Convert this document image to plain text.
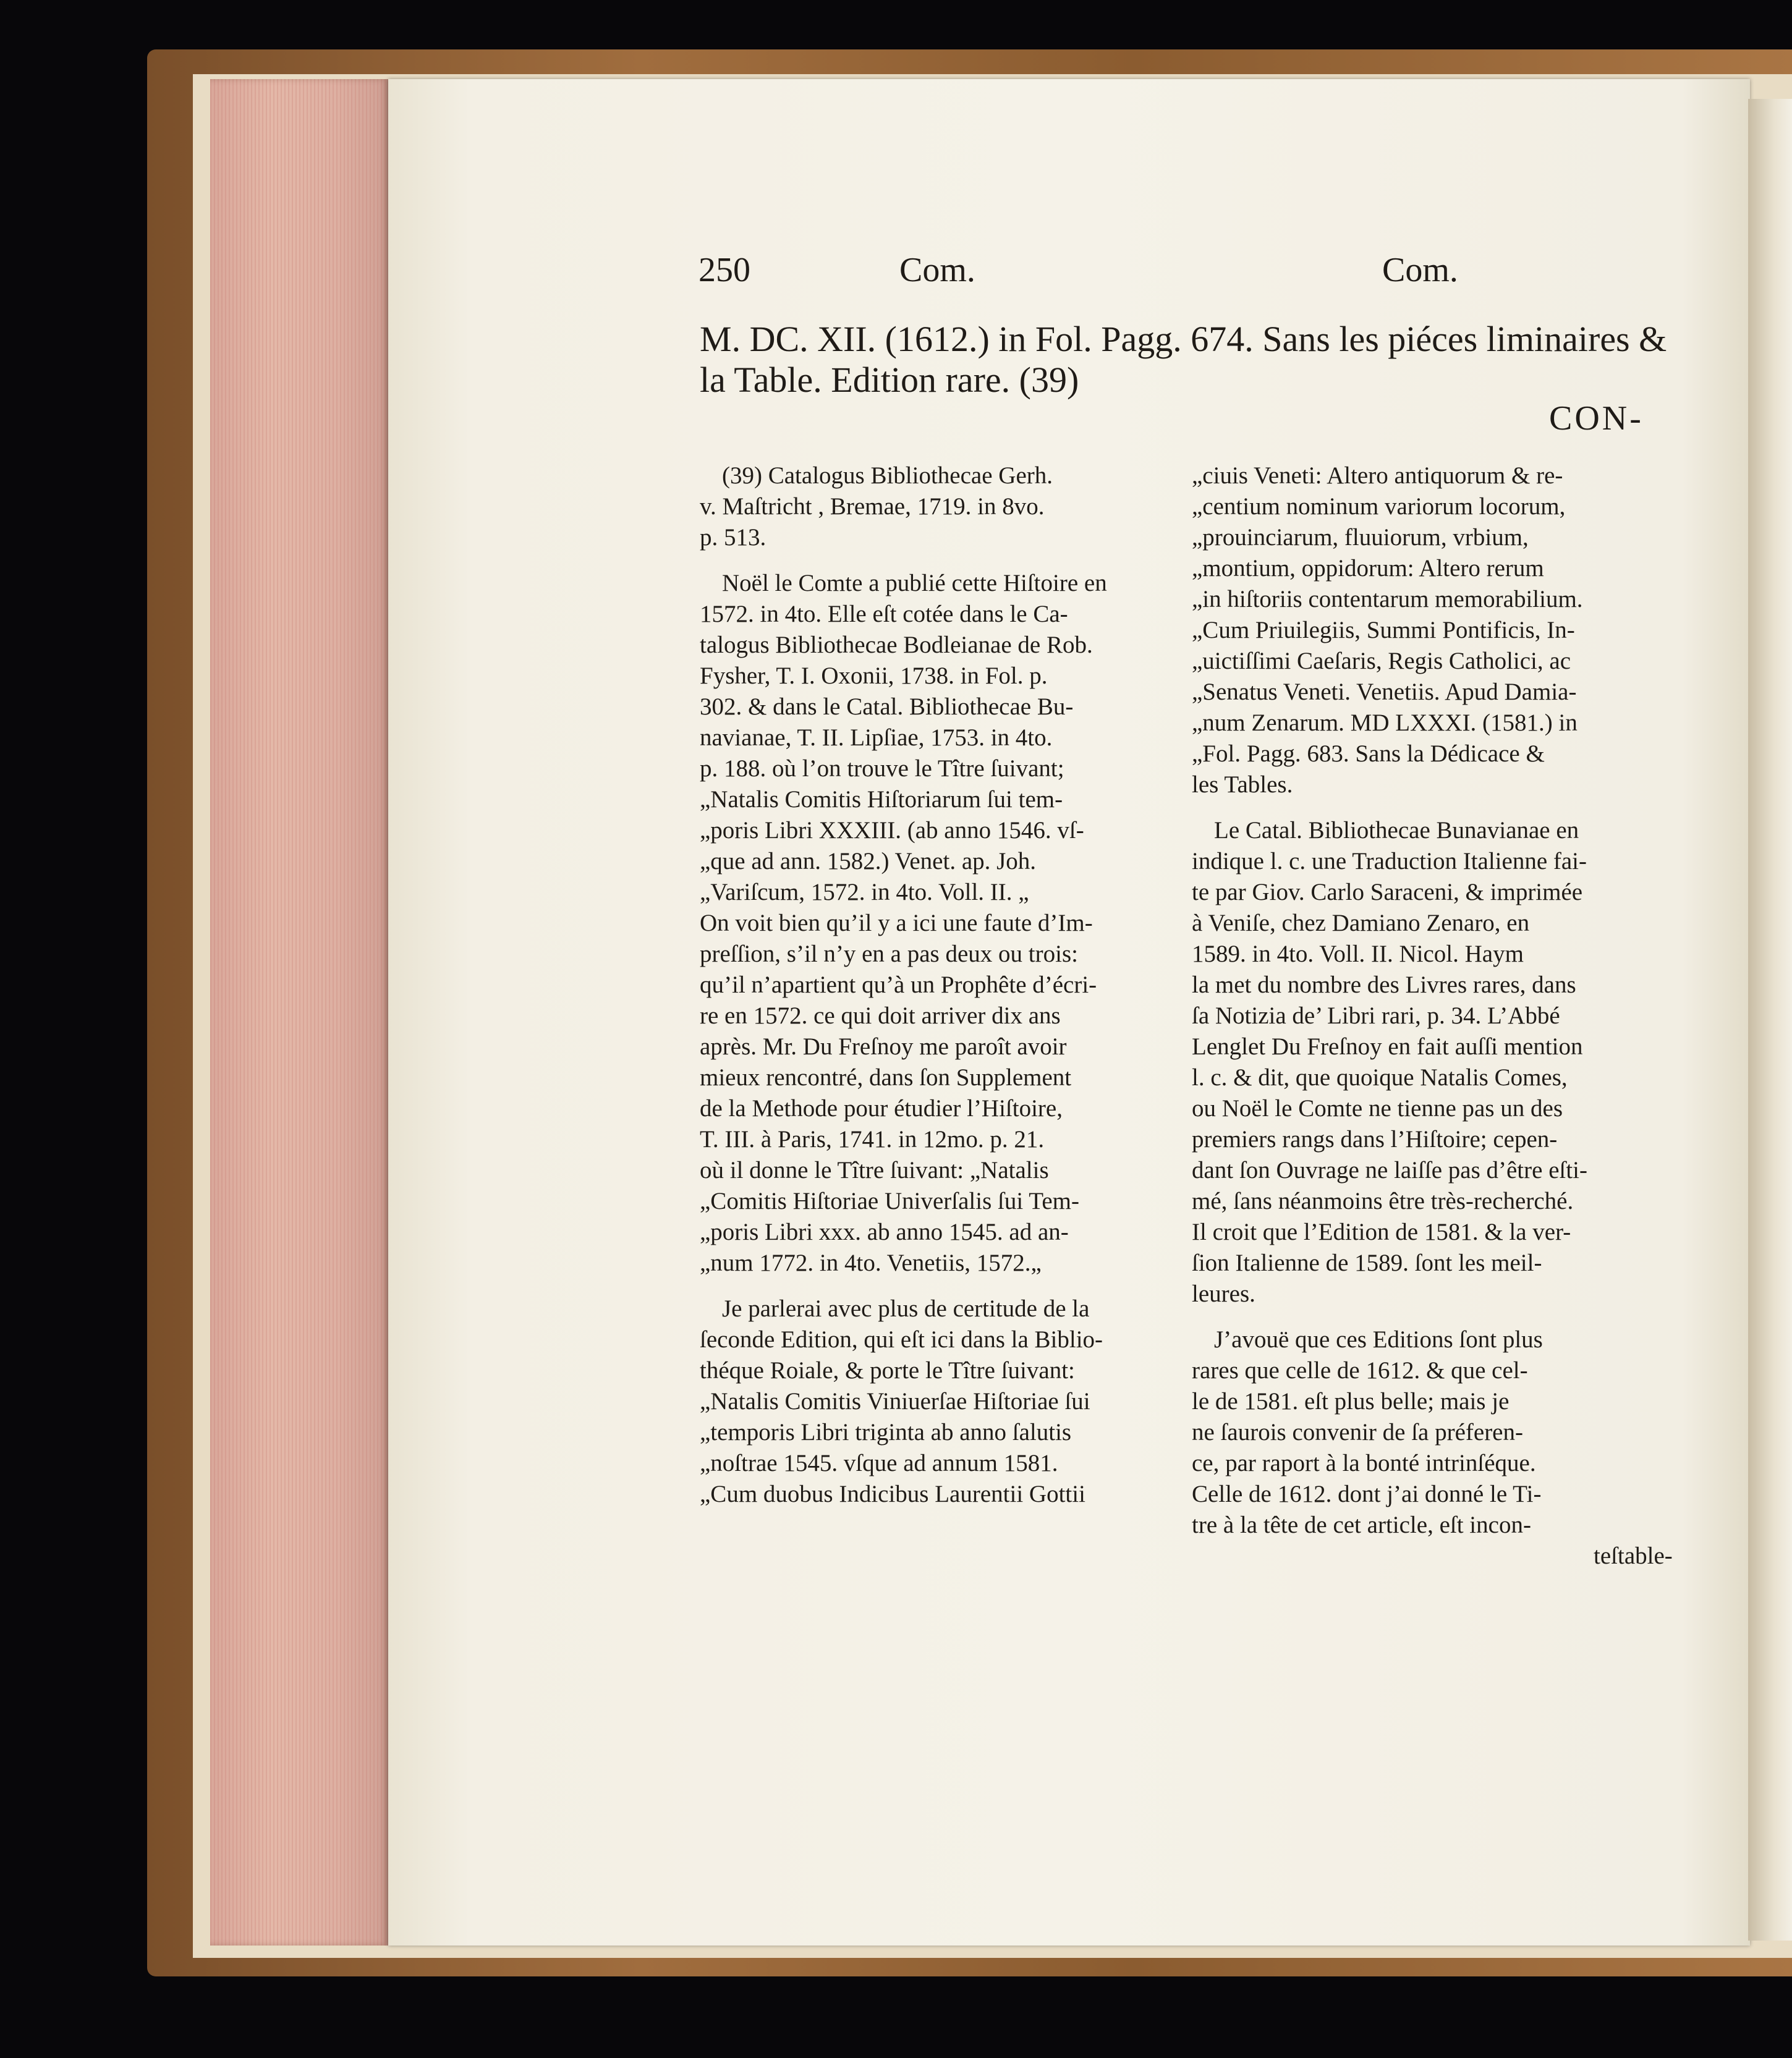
250	Com.	Com.
M. DC. XII. (1612.) in Fol. Pagg. 674. Sans les piéces liminaires &
la Table. Edition rare. (39)
CON-
(39) Catalogus Bibliothecae Gerh.
v. Maſtricht , Bremae, 1719. in 8vo.
p. 513.
Noël le Comte a publié cette Hiſtoire en
1572. in 4to. Elle eſt cotée dans le Ca-
talogus Bibliothecae Bodleianae de Rob.
Fysher, T. I. Oxonii, 1738. in Fol. p.
302. & dans le Catal. Bibliothecae Bu-
navianae, T. II. Lipſiae, 1753. in 4to.
p. 188. où l’on trouve le Tître ſuivant;
„Natalis Comitis Hiſtoriarum ſui tem-
„poris Libri XXXIII. (ab anno 1546. vſ-
„que ad ann. 1582.) Venet. ap. Joh.
„Variſcum, 1572. in 4to. Voll. II. „
On voit bien qu’il y a ici une faute d’Im-
preſſion, s’il n’y en a pas deux ou trois:
qu’il n’apartient qu’à un Prophête d’écri-
re en 1572. ce qui doit arriver dix ans
après. Mr. Du Freſnoy me paroît avoir
mieux rencontré, dans ſon Supplement
de la Methode pour étudier l’Hiſtoire,
T. III. à Paris, 1741. in 12mo. p. 21.
où il donne le Tître ſuivant: „Natalis
„Comitis Hiſtoriae Univerſalis ſui Tem-
„poris Libri xxx. ab anno 1545. ad an-
„num 1772. in 4to. Venetiis, 1572.„
Je parlerai avec plus de certitude de la
ſeconde Edition, qui eſt ici dans la Biblio-
théque Roiale, & porte le Tître ſuivant:
„Natalis Comitis Viniuerſae Hiſtoriae ſui
„temporis Libri triginta ab anno ſalutis
„noſtrae 1545. vſque ad annum 1581.
„Cum duobus Indicibus Laurentii Gottii
„ciuis Veneti: Altero antiquorum & re-
„centium nominum variorum locorum,
„prouinciarum, fluuiorum, vrbium,
„montium, oppidorum: Altero rerum
„in hiſtoriis contentarum memorabilium.
„Cum Priuilegiis, Summi Pontificis, In-
„uictiſſimi Caeſaris, Regis Catholici, ac
„Senatus Veneti. Venetiis. Apud Damia-
„num Zenarum. MD LXXXI. (1581.) in
„Fol. Pagg. 683. Sans la Dédicace &
les Tables.
Le Catal. Bibliothecae Bunavianae en
indique l. c. une Traduction Italienne fai-
te par Giov. Carlo Saraceni, & imprimée
à Veniſe, chez Damiano Zenaro, en
1589. in 4to. Voll. II. Nicol. Haym
la met du nombre des Livres rares, dans
ſa Notizia de’ Libri rari, p. 34. L’Abbé
Lenglet Du Freſnoy en fait auſſi mention
l. c. & dit, que quoique Natalis Comes,
ou Noël le Comte ne tienne pas un des
premiers rangs dans l’Hiſtoire; cepen-
dant ſon Ouvrage ne laiſſe pas d’être eſti-
mé, ſans néanmoins être très-recherché.
Il croit que l’Edition de 1581. & la ver-
ſion Italienne de 1589. ſont les meil-
leures.
J’avouë que ces Editions ſont plus
rares que celle de 1612. & que cel-
le de 1581. eſt plus belle; mais je
ne ſaurois convenir de ſa préferen-
ce, par raport à la bonté intrinſéque.
Celle de 1612. dont j’ai donné le Ti-
tre à la tête de cet article, eſt incon-
teſtable-
